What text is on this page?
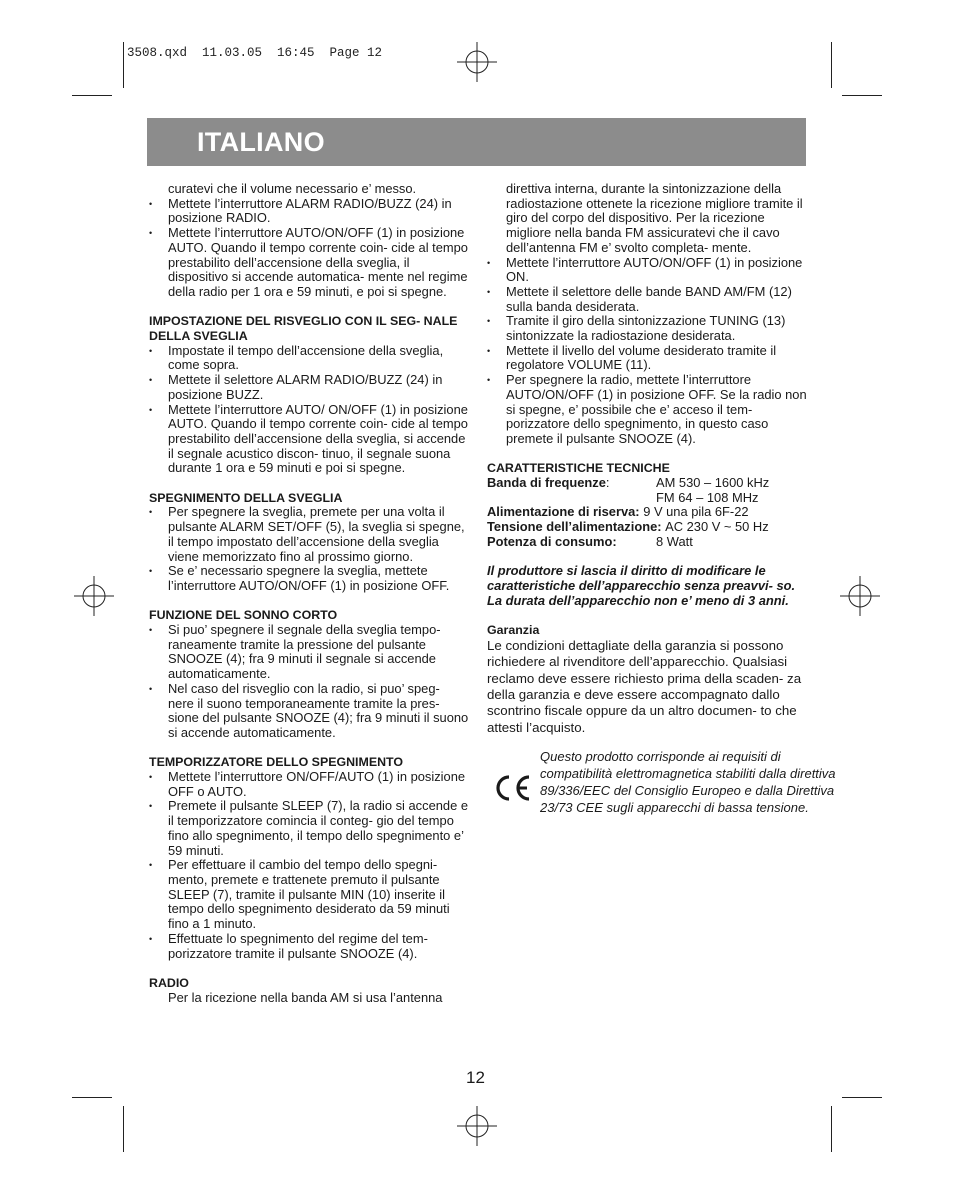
3508.qxd  11.03.05  16:45  Page 12
ITALIANO

curatevi che il volume necessario e’ messo.

• Mettete l’interruttore ALARM RADIO/BUZZ (24) in posizione RADIO.
• Mettete l’interruttore AUTO/ON/OFF (1) in posizione AUTO. Quando il tempo corrente coin- cide al tempo prestabilito dell’accensione della sveglia, il dispositivo si accende automatica- mente nel regime della radio per 1 ora e 59 minuti, e poi si spegne.

IMPOSTAZIONE DEL RISVEGLIO CON IL SEG- NALE DELLA SVEGLIA

• Impostate il tempo dell’accensione della sveglia, come sopra.
• Mettete il selettore ALARM RADIO/BUZZ (24) in posizione BUZZ.
• Mettete l’interruttore AUTO/ ON/OFF (1) in posizione AUTO. Quando il tempo corrente coin- cide al tempo prestabilito dell’accensione della sveglia, si accende il segnale acustico discon- tinuo, il segnale suona durante 1 ora e 59 minuti e poi si spegne.

SPEGNIMENTO DELLA SVEGLIA

• Per spegnere la sveglia, premete per una volta il pulsante ALARM SET/OFF (5), la sveglia si spegne, il tempo impostato dell’accensione della sveglia viene memorizzato fino al prossimo giorno.
• Se e’ necessario spegnere la sveglia, mettete l’interruttore AUTO/ON/OFF (1) in posizione OFF.

FUNZIONE DEL SONNO CORTO

• Si puo’ spegnere il segnale della sveglia tempo- raneamente tramite la pressione del pulsante SNOOZE (4); fra 9 minuti il segnale si accende automaticamente.
• Nel caso del risveglio con la radio, si puo’ speg- nere il suono temporaneamente tramite la pres- sione del pulsante SNOOZE (4); fra 9 minuti il suono si accende automaticamente.

TEMPORIZZATORE DELLO SPEGNIMENTO

• Mettete l’interruttore ON/OFF/AUTO (1) in posizione OFF o AUTO.
• Premete il pulsante SLEEP (7), la radio si accende e il temporizzatore comincia il conteg- gio del tempo fino allo spegnimento, il tempo dello spegnimento e’ 59 minuti.
• Per effettuare il cambio del tempo dello spegni- mento, premete e trattenete premuto il pulsante SLEEP (7), tramite il pulsante MIN (10) inserite il tempo dello spegnimento desiderato da 59 minuti fino a 1 minuto.
• Effettuate lo spegnimento del regime del tem- porizzatore tramite il pulsante SNOOZE (4).

RADIO

Per la ricezione nella banda AM si usa l’antenna

direttiva interna, durante la sintonizzazione della radiostazione ottenete la ricezione migliore tramite il giro del corpo del dispositivo. Per la ricezione migliore nella banda FM assicuratevi che il cavo dell’antenna FM e’ svolto completa- mente.

• Mettete l’interruttore AUTO/ON/OFF (1) in posizione ON.
• Mettete il selettore delle bande BAND AM/FM (12) sulla banda desiderata.
• Tramite il giro della sintonizzazione TUNING (13) sintonizzate la radiostazione desiderata.
• Mettete il livello del volume desiderato tramite il regolatore VOLUME (11).
• Per spegnere la radio, mettete l’interruttore AUTO/ON/OFF (1) in posizione OFF. Se la radio non si spegne, e’ possibile che e’ acceso il tem- porizzatore dello spegnimento, in questo caso premete il pulsante SNOOZE (4).

CARATTERISTICHE TECNICHE

Banda di frequenze:	AM 530 – 1600 kHz
FM 64 – 108 MHz
Alimentazione di riserva:
9 V una pila 6F-22
Tensione dell’alimentazione:
AC 230 V ~ 50 Hz
Potenza di consumo:	8 Watt

Il produttore si lascia il diritto di modificare le caratteristiche dell’apparecchio senza preavvi- so.

La durata dell’apparecchio non e’ meno di 3 anni.

Garanzia

Le condizioni dettagliate della garanzia si possono richiedere al rivenditore dell’apparecchio. Qualsiasi reclamo deve essere richiesto prima della scaden- za della garanzia e deve essere accompagnato dallo scontrino fiscale oppure da un altro documen- to che attesti l’acquisto.

Questo prodotto corrisponde ai requisiti di compatibilità elettromagnetica stabiliti dalla direttiva 89/336/EEC del Consiglio Europeo e dalla Direttiva 23/73 CEE sugli apparecchi di bassa tensione.

12
